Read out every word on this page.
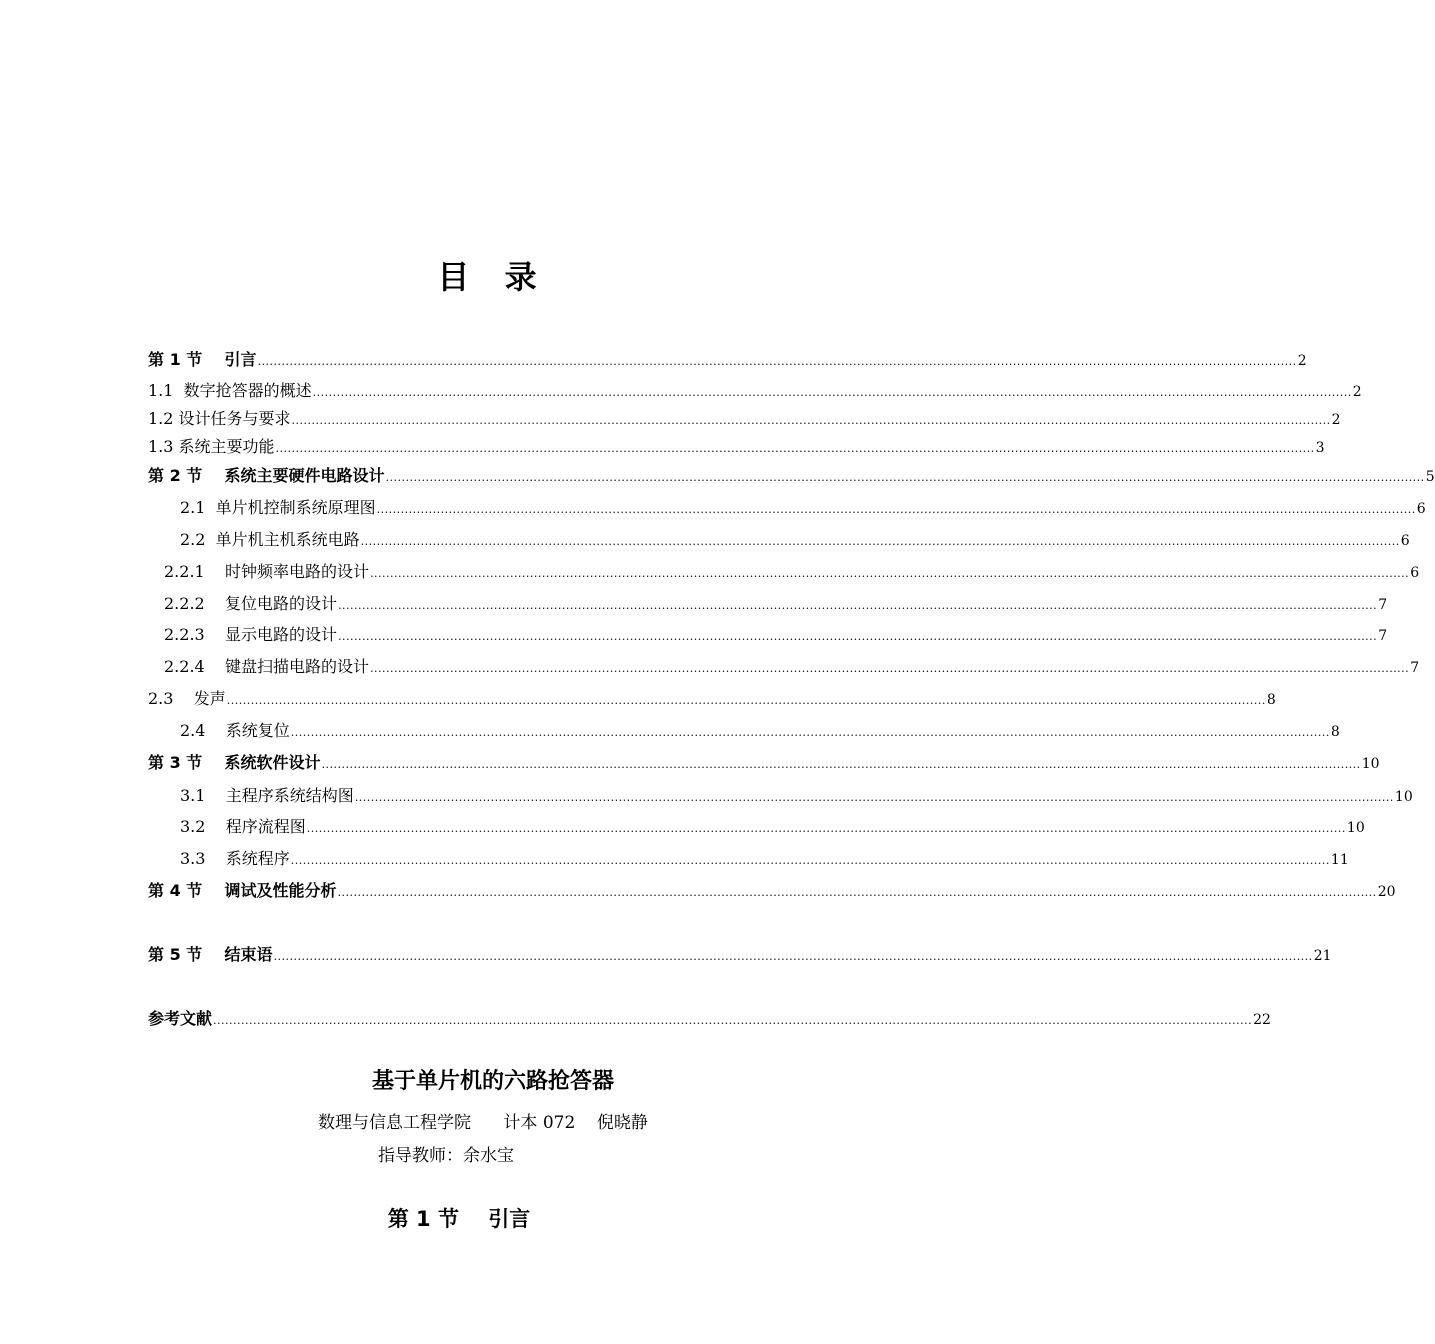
目 录
第 1 节    引言 .................................................................................................................................................................................................................................................................... 2
1.1  数字抢答器的概述 .................................................................................................................................................................................................................................................................... 2
1.2 设计任务与要求 .................................................................................................................................................................................................................................................................... 2
1.3 系统主要功能 .................................................................................................................................................................................................................................................................... 3
第 2 节    系统主要硬件电路设计 .................................................................................................................................................................................................................................................................... 5
2.1  单片机控制系统原理图 .................................................................................................................................................................................................................................................................... 6
2.2  单片机主机系统电路 .................................................................................................................................................................................................................................................................... 6
2.2.1    时钟频率电路的设计 .................................................................................................................................................................................................................................................................... 6
2.2.2    复位电路的设计 .................................................................................................................................................................................................................................................................... 7
2.2.3    显示电路的设计 .................................................................................................................................................................................................................................................................... 7
2.2.4    键盘扫描电路的设计 .................................................................................................................................................................................................................................................................... 7
2.3    发声 .................................................................................................................................................................................................................................................................... 8
2.4    系统复位 .................................................................................................................................................................................................................................................................... 8
第 3 节    系统软件设计 .................................................................................................................................................................................................................................................................... 10
3.1    主程序系统结构图 .................................................................................................................................................................................................................................................................... 10
3.2    程序流程图 .................................................................................................................................................................................................................................................................... 10
3.3    系统程序 .................................................................................................................................................................................................................................................................... 11
第 4 节    调试及性能分析 .................................................................................................................................................................................................................................................................... 20
第 5 节    结束语 .................................................................................................................................................................................................................................................................... 21
参考文献 .................................................................................................................................................................................................................................................................... 22
基于单片机的六路抢答器
数理与信息工程学院      计本 072    倪晓静
指导教师：余水宝
第 1 节    引言
